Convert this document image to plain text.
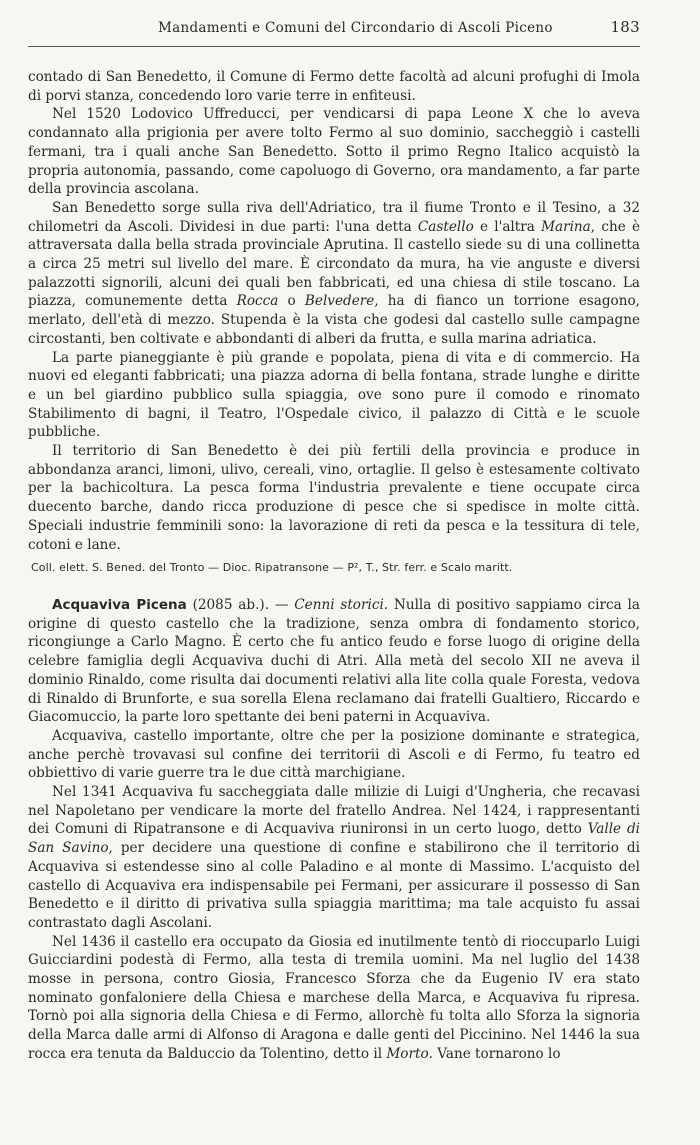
Mandamenti e Comuni del Circondario di Ascoli Piceno	183

contado di San Benedetto, il Comune di Fermo dette facoltà ad alcuni profughi di Imola di porvi stanza, concedendo loro varie terre in enfiteusi.

Nel 1520 Lodovico Uffreducci, per vendicarsi di papa Leone X che lo aveva condannato alla prigionia per avere tolto Fermo al suo dominio, saccheggiò i castelli fermani, tra i quali anche San Benedetto. Sotto il primo Regno Italico acquistò la propria autonomia, passando, come capoluogo di Governo, ora mandamento, a far parte della provincia ascolana.

San Benedetto sorge sulla riva dell'Adriatico, tra il fiume Tronto e il Tesino, a 32 chilometri da Ascoli. Dividesi in due parti: l'una detta Castello e l'altra Marina, che è attraversata dalla bella strada provinciale Aprutina. Il castello siede su di una collinetta a circa 25 metri sul livello del mare. È circondato da mura, ha vie anguste e diversi palazzotti signorili, alcuni dei quali ben fabbricati, ed una chiesa di stile toscano. La piazza, comunemente detta Rocca o Belvedere, ha di fianco un torrione esagono, merlato, dell'età di mezzo. Stupenda è la vista che godesi dal castello sulle campagne circostanti, ben coltivate e abbondanti di alberi da frutta, e sulla marina adriatica.

La parte pianeggiante è più grande e popolata, piena di vita e di commercio. Ha nuovi ed eleganti fabbricati; una piazza adorna di bella fontana, strade lunghe e diritte e un bel giardino pubblico sulla spiaggia, ove sono pure il comodo e rinomato Stabilimento di bagni, il Teatro, l'Ospedale civico, il palazzo di Città e le scuole pubbliche.

Il territorio di San Benedetto è dei più fertili della provincia e produce in abbondanza aranci, limoni, ulivo, cereali, vino, ortaglie. Il gelso è estesamente coltivato per la bachicoltura. La pesca forma l'industria prevalente e tiene occupate circa duecento barche, dando ricca produzione di pesce che si spedisce in molte città. Speciali industrie femminili sono: la lavorazione di reti da pesca e la tessitura di tele, cotoni e lane.

Coll. elett. S. Bened. del Tronto — Dioc. Ripatransone — P², T., Str. ferr. e Scalo maritt.

Acquaviva Picena (2085 ab.). — Cenni storici. Nulla di positivo sappiamo circa la origine di questo castello che la tradizione, senza ombra di fondamento storico, ricongiunge a Carlo Magno. È certo che fu antico feudo e forse luogo di origine della celebre famiglia degli Acquaviva duchi di Atri. Alla metà del secolo XII ne aveva il dominio Rinaldo, come risulta dai documenti relativi alla lite colla quale Foresta, vedova di Rinaldo di Brunforte, e sua sorella Elena reclamano dai fratelli Gualtiero, Riccardo e Giacomuccio, la parte loro spettante dei beni paterni in Acquaviva.

Acquaviva, castello importante, oltre che per la posizione dominante e strategica, anche perchè trovavasi sul confine dei territorii di Ascoli e di Fermo, fu teatro ed obbiettivo di varie guerre tra le due città marchigiane.

Nel 1341 Acquaviva fu saccheggiata dalle milizie di Luigi d'Ungheria, che recavasi nel Napoletano per vendicare la morte del fratello Andrea. Nel 1424, i rappresentanti dei Comuni di Ripatransone e di Acquaviva riunironsi in un certo luogo, detto Valle di San Savino, per decidere una questione di confine e stabilirono che il territorio di Acquaviva si estendesse sino al colle Paladino e al monte di Massimo. L'acquisto del castello di Acquaviva era indispensabile pei Fermani, per assicurare il possesso di San Benedetto e il diritto di privativa sulla spiaggia marittima; ma tale acquisto fu assai contrastato dagli Ascolani.

Nel 1436 il castello era occupato da Giosia ed inutilmente tentò di rioccuparlo Luigi Guicciardini podestà di Fermo, alla testa di tremila uomini. Ma nel luglio del 1438 mosse in persona, contro Giosia, Francesco Sforza che da Eugenio IV era stato nominato gonfaloniere della Chiesa e marchese della Marca, e Acquaviva fu ripresa. Tornò poi alla signoria della Chiesa e di Fermo, allorchè fu tolta allo Sforza la signoria della Marca dalle armi di Alfonso di Aragona e dalle genti del Piccinino. Nel 1446 la sua rocca era tenuta da Balduccio da Tolentino, detto il Morto. Vane tornarono lo
